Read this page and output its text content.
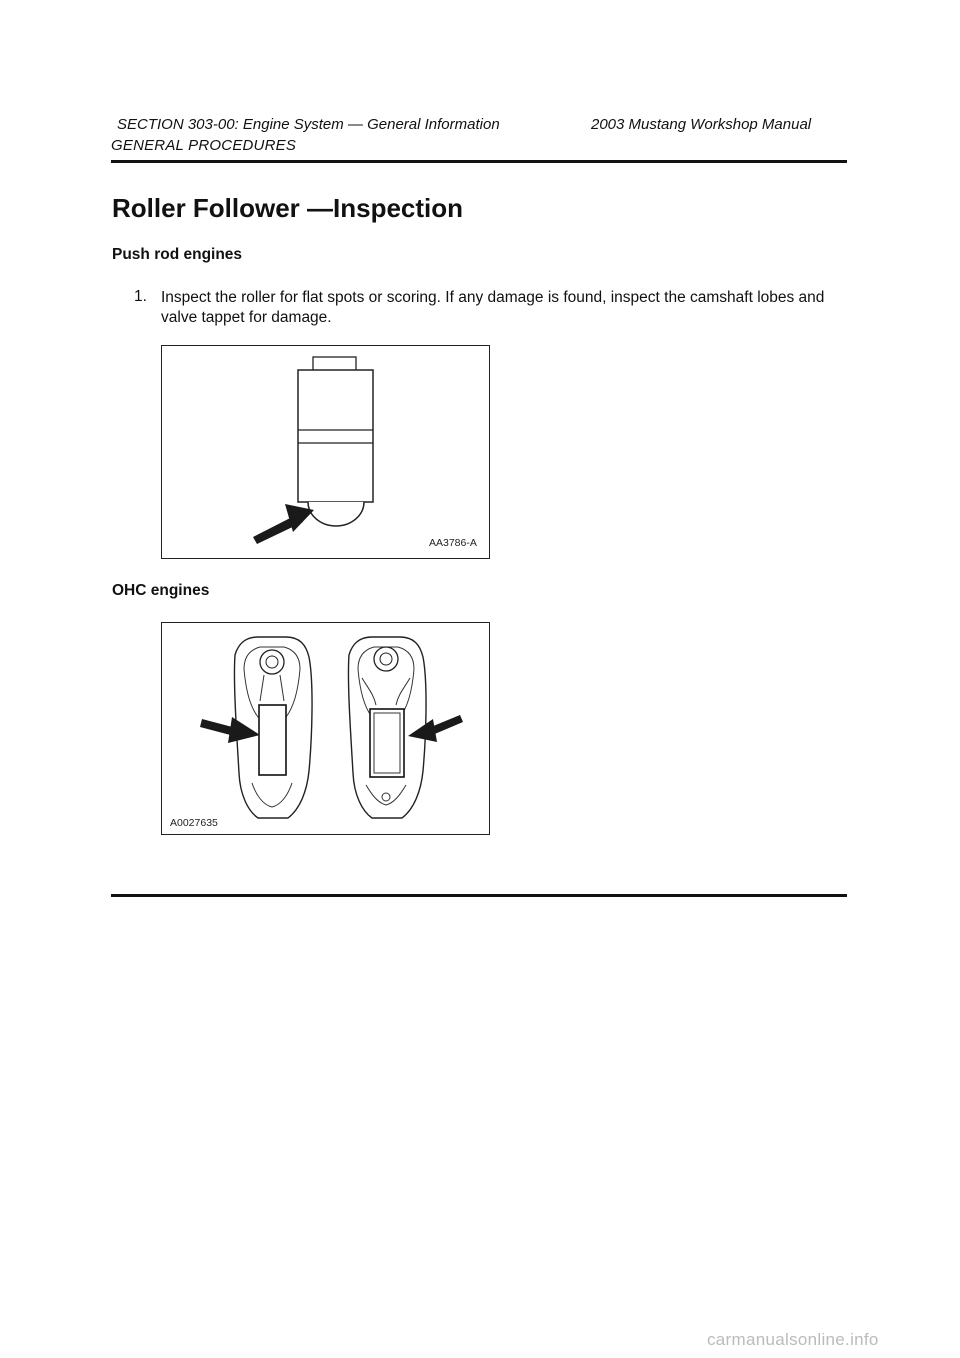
SECTION 303-00: Engine System — General Information	2003 Mustang Workshop Manual
GENERAL PROCEDURES
Roller Follower —Inspection
Push rod engines
1. Inspect the roller for flat spots or scoring. If any damage is found, inspect the camshaft lobes and valve tappet for damage.
AA3786-A
OHC engines
A0027635
carmanualsonline.info
